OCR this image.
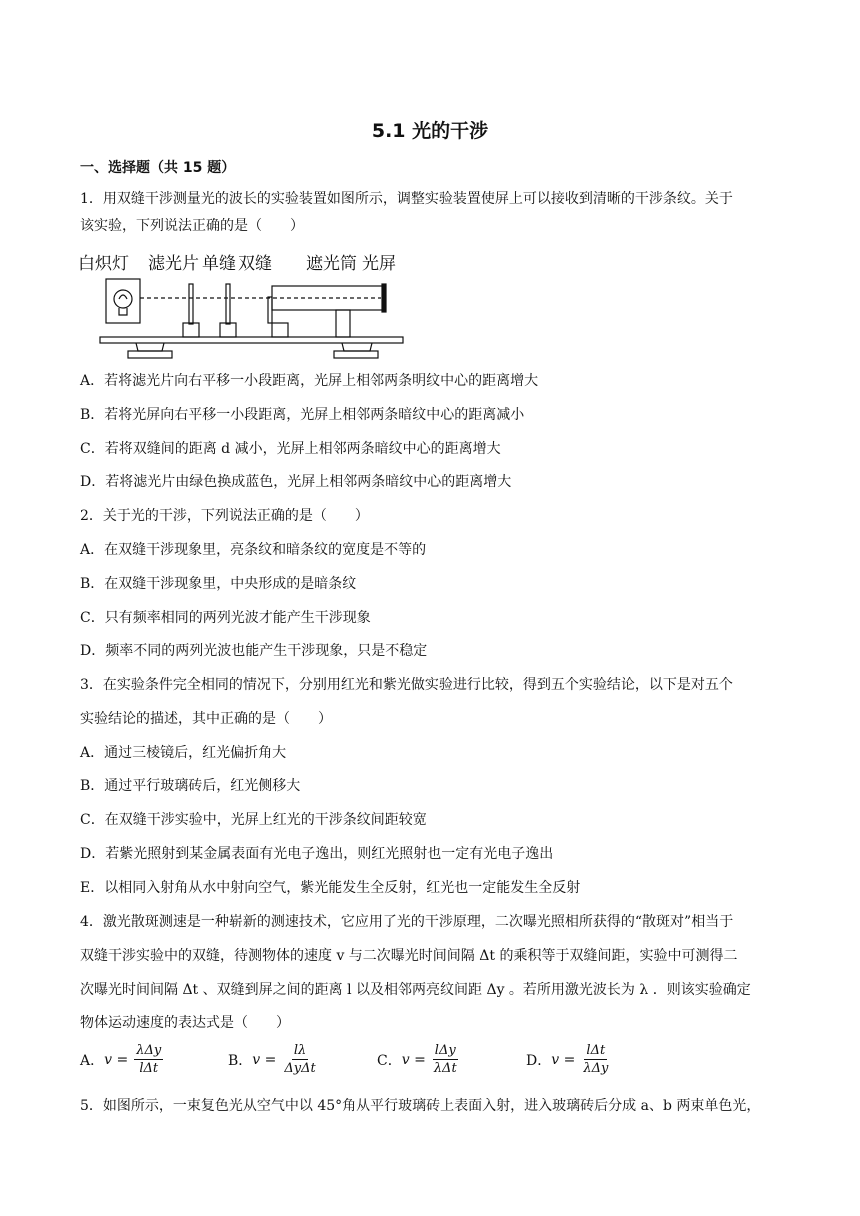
5.1 光的干涉
一、选择题（共 15 题）
1．用双缝干涉测量光的波长的实验装置如图所示，调整实验装置使屏上可以接收到清晰的干涉条纹。关于
该实验，下列说法正确的是（　　）
白炽灯 滤光片 单缝 双缝 遮光筒 光屏
A．若将滤光片向右平移一小段距离，光屏上相邻两条明纹中心的距离增大
B．若将光屏向右平移一小段距离，光屏上相邻两条暗纹中心的距离减小
C．若将双缝间的距离 d 减小，光屏上相邻两条暗纹中心的距离增大
D．若将滤光片由绿色换成蓝色，光屏上相邻两条暗纹中心的距离增大
2．关于光的干涉，下列说法正确的是（　　）
A．在双缝干涉现象里，亮条纹和暗条纹的宽度是不等的
B．在双缝干涉现象里，中央形成的是暗条纹
C．只有频率相同的两列光波才能产生干涉现象
D．频率不同的两列光波也能产生干涉现象，只是不稳定
3．在实验条件完全相同的情况下，分别用红光和紫光做实验进行比较，得到五个实验结论，以下是对五个
实验结论的描述，其中正确的是（　　）
A．通过三棱镜后，红光偏折角大
B．通过平行玻璃砖后，红光侧移大
C．在双缝干涉实验中，光屏上红光的干涉条纹间距较宽
D．若紫光照射到某金属表面有光电子逸出，则红光照射也一定有光电子逸出
E．以相同入射角从水中射向空气，紫光能发生全反射，红光也一定能发生全反射
4．激光散斑测速是一种崭新的测速技术，它应用了光的干涉原理，二次曝光照相所获得的“散斑对”相当于
双缝干涉实验中的双缝，待测物体的速度 v 与二次曝光时间间隔 Δt 的乘积等于双缝间距，实验中可测得二
次曝光时间间隔 Δt 、双缝到屏之间的距离 l 以及相邻两亮纹间距 Δy 。若所用激光波长为 λ ．则该实验确定
物体运动速度的表达式是（　　）
A． $v = \frac{\text{λΔy}}{\text{lΔt}}$	B． $v = \frac{l\lambda}{\text{ΔyΔt}}$	C． $v = \frac{\text{lΔy}}{\text{λΔt}}$	D． $v = \frac{\text{lΔt}}{\text{λΔy}}$
5．如图所示，一束复色光从空气中以 45°角从平行玻璃砖上表面入射，进入玻璃砖后分成 a、b 两束单色光，
